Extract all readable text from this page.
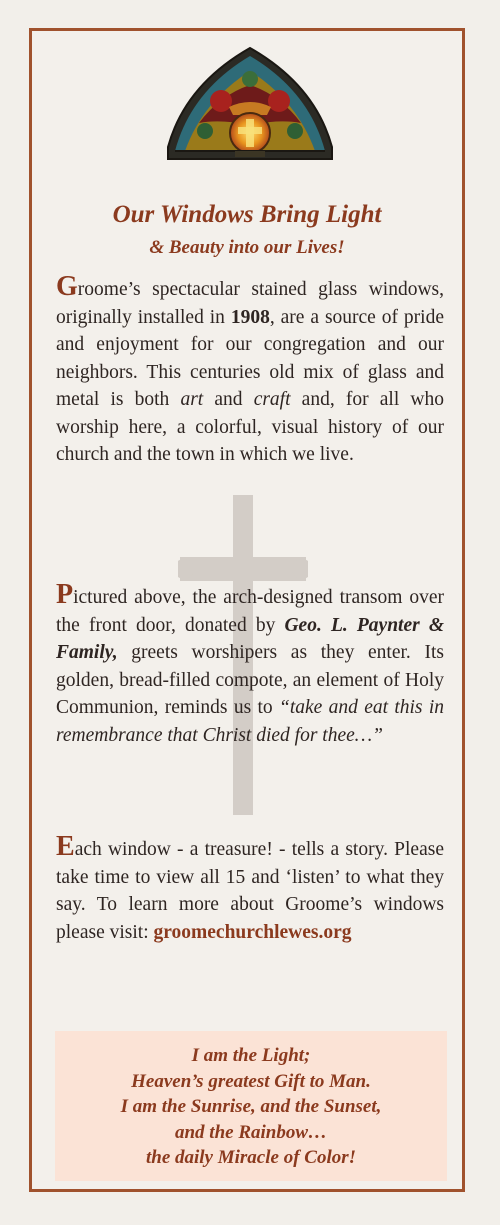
Our Windows Bring Light
& Beauty into our Lives!

Groome’s spectacular stained glass windows, originally installed in 1908, are a source of pride and enjoyment for our congregation and our neighbors. This centuries old mix of glass and metal is both art and craft and, for all who worship here, a colorful, visual history of our church and the town in which we live.

Pictured above, the arch-designed transom over the front door, donated by Geo. L. Paynter & Family, greets worshipers as they enter. Its golden, bread-filled compote, an element of Holy Communion, reminds us to “take and eat this in remembrance that Christ died for thee…”

Each window - a treasure! - tells a story. Please take time to view all 15 and ‘listen’ to what they say. To learn more about Groome’s windows please visit: groomechurchlewes.org

I am the Light;
Heaven’s greatest Gift to Man.
I am the Sunrise, and the Sunset,
and the Rainbow…
the daily Miracle of Color!
